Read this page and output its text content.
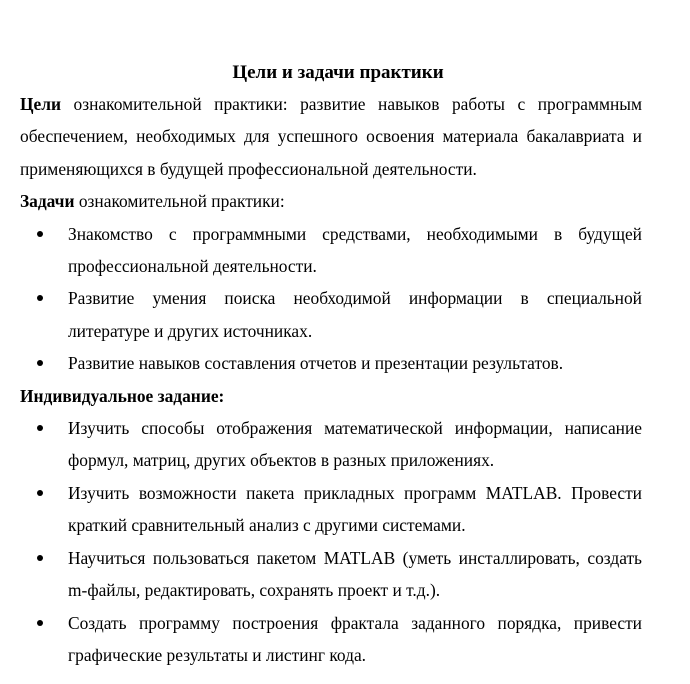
Цели и задачи практики

Цели ознакомительной практики: развитие навыков работы с программным обеспечением, необходимых для успешного освоения материала бакалавриата и применяющихся в будущей профессиональной деятельности.

Задачи ознакомительной практики:

Знакомство с программными средствами, необходимыми в будущей профессиональной деятельности.
Развитие умения поиска необходимой информации в специальной литературе и других источниках.
Развитие навыков составления отчетов и презентации результатов.

Индивидуальное задание:

Изучить способы отображения математической информации, написание формул, матриц, других объектов в разных приложениях.
Изучить возможности пакета прикладных программ MATLAB. Провести краткий сравнительный анализ с другими системами.
Научиться пользоваться пакетом MATLAB (уметь инсталлировать, создать m-файлы, редактировать, сохранять проект и т.д.).
Создать программу построения фрактала заданного порядка, привести графические результаты и листинг кода.
